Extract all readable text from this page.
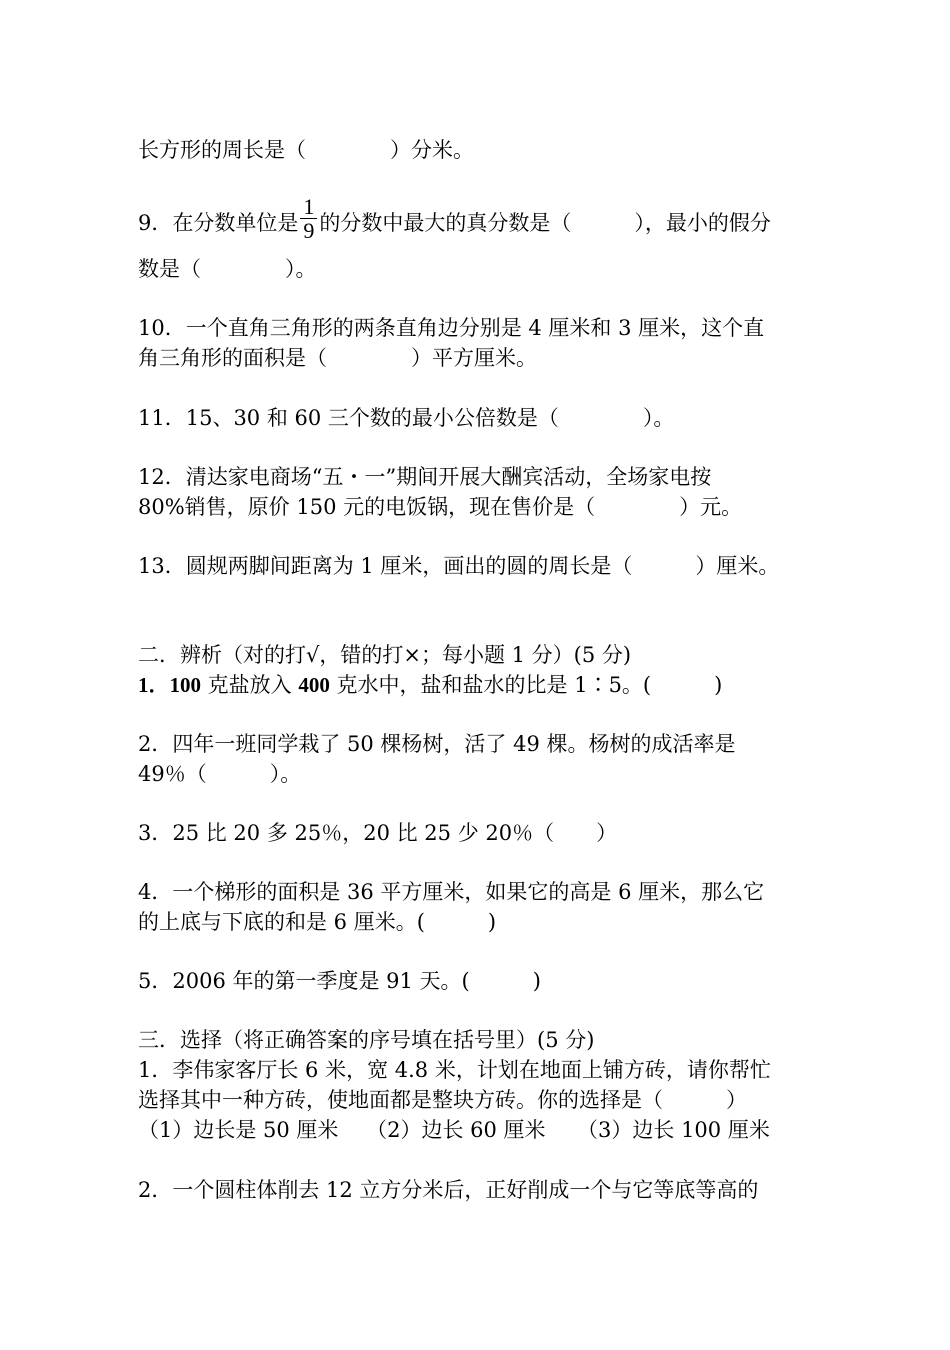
长方形的周长是（　　　　）分米。
9．在分数单位是 $\frac{1}{9}$ 的分数中最大的真分数是（　　　），最小的假分
数是（　　　　）。
10．一个直角三角形的两条直角边分别是 4 厘米和 3 厘米，这个直
角三角形的面积是（　　　　）平方厘米。
11．15、30 和 60 三个数的最小公倍数是（　　　　）。
12．清达家电商场“五・一”期间开展大酬宾活动，全场家电按
80%销售，原价 150 元的电饭锅，现在售价是（　　　　）元。
13．圆规两脚间距离为 1 厘米，画出的圆的周长是（　　　）厘米。
二．辨析（对的打√，错的打×；每小题 1 分）(5 分)
1．100 克盐放入 400 克水中，盐和盐水的比是 1∶5。(　　　)
2．四年一班同学栽了 50 棵杨树，活了 49 棵。杨树的成活率是
49％（　　　）。
3．25 比 20 多 25％，20 比 25 少 20％（　　）
4．一个梯形的面积是 36 平方厘米，如果它的高是 6 厘米，那么它
的上底与下底的和是 6 厘米。(　　　)
5．2006 年的第一季度是 91 天。(　　　)
三．选择（将正确答案的序号填在括号里）(5 分)
1．李伟家客厅长 6 米，宽 4.8 米，计划在地面上铺方砖，请你帮忙
选择其中一种方砖，使地面都是整块方砖。你的选择是（　　　）
（1）边长是 50 厘米　 （2）边长 60 厘米　　（3）边长 100 厘米
2．一个圆柱体削去 12 立方分米后，正好削成一个与它等底等高的
